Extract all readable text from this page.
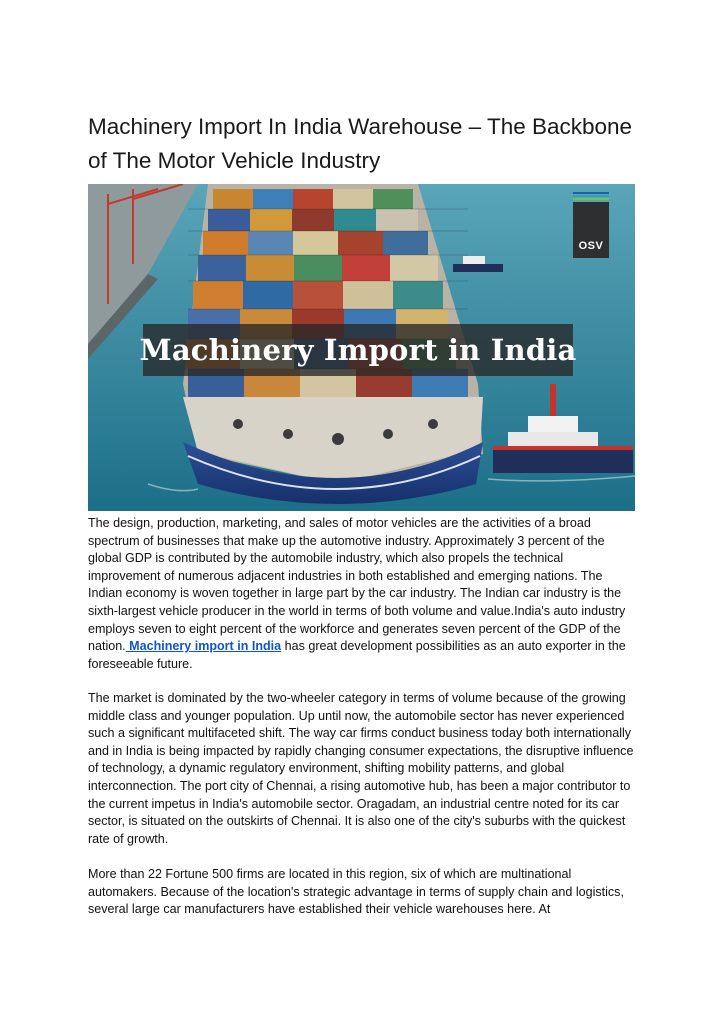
Machinery Import In India Warehouse – The Backbone of The Motor Vehicle Industry
Machinery Import in India
OSV

The design, production, marketing, and sales of motor vehicles are the activities of a broad spectrum of businesses that make up the automotive industry. Approximately 3 percent of the global GDP is contributed by the automobile industry, which also propels the technical improvement of numerous adjacent industries in both established and emerging nations. The Indian economy is woven together in large part by the car industry. The Indian car industry is the sixth-largest vehicle producer in the world in terms of both volume and value.India's auto industry employs seven to eight percent of the workforce and generates seven percent of the GDP of the nation. Machinery import in India has great development possibilities as an auto exporter in the foreseeable future.

The market is dominated by the two-wheeler category in terms of volume because of the growing middle class and younger population. Up until now, the automobile sector has never experienced such a significant multifaceted shift. The way car firms conduct business today both internationally and in India is being impacted by rapidly changing consumer expectations, the disruptive influence of technology, a dynamic regulatory environment, shifting mobility patterns, and global interconnection. The port city of Chennai, a rising automotive hub, has been a major contributor to the current impetus in India's automobile sector. Oragadam, an industrial centre noted for its car sector, is situated on the outskirts of Chennai. It is also one of the city's suburbs with the quickest rate of growth.

More than 22 Fortune 500 firms are located in this region, six of which are multinational automakers. Because of the location's strategic advantage in terms of supply chain and logistics, several large car manufacturers have established their vehicle warehouses here. At
